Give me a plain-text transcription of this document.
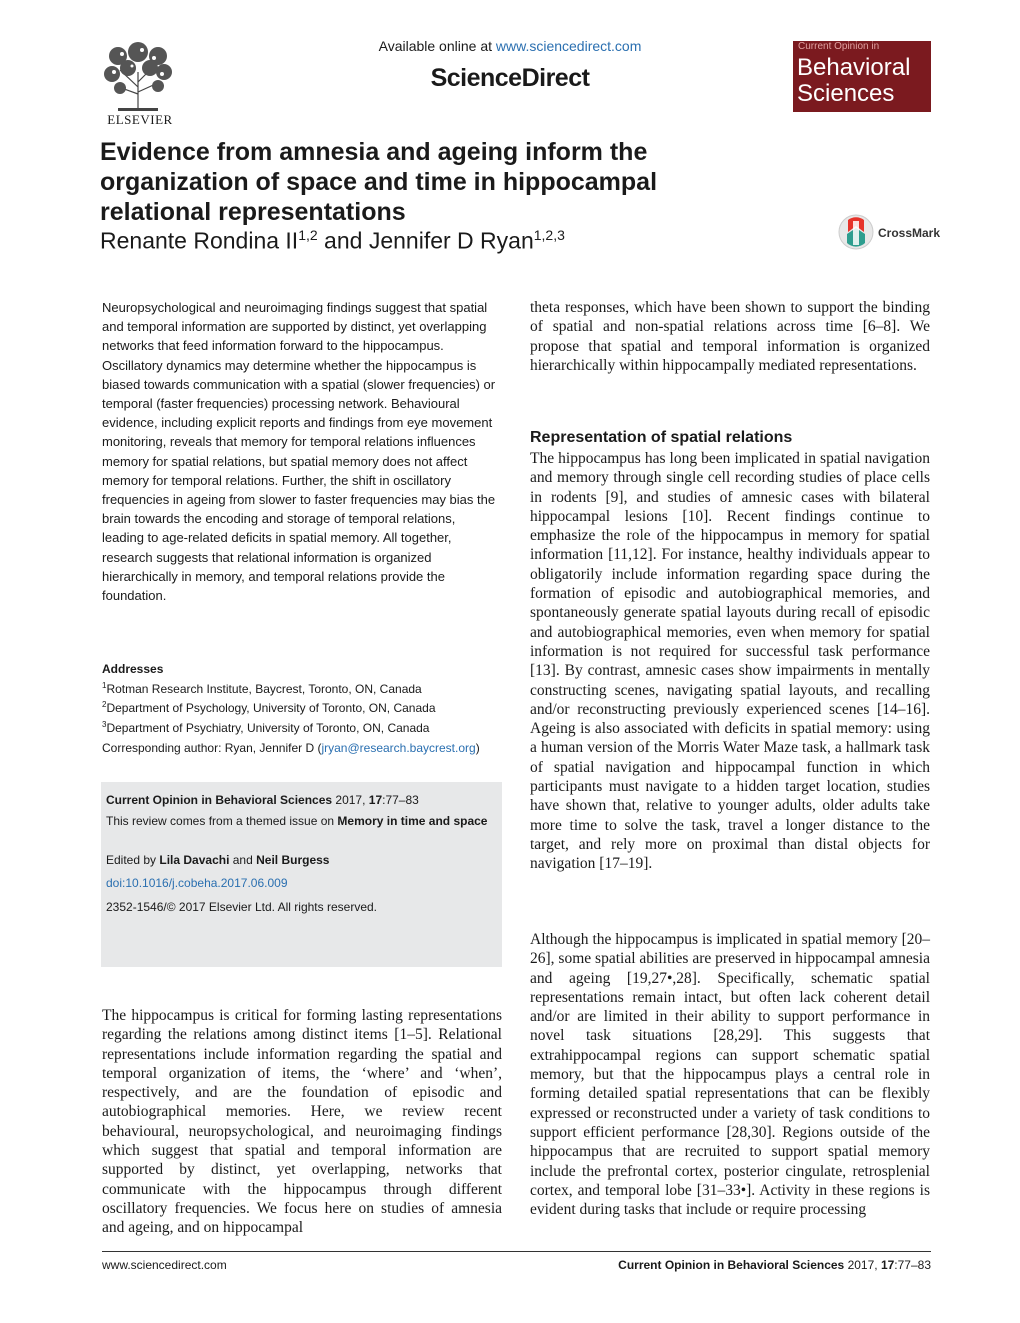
ELSEVIER
Available online at www.sciencedirect.com
ScienceDirect
Current Opinion in
Behavioral
Sciences
Evidence from amnesia and ageing inform the organization of space and time in hippocampal relational representations
Renante Rondina II$^{1,2}$ and Jennifer D Ryan$^{1,2,3}$	CrossMark

Neuropsychological and neuroimaging findings suggest that spatial and temporal information are supported by distinct, yet overlapping networks that feed information forward to the hippocampus. Oscillatory dynamics may determine whether the hippocampus is biased towards communication with a spatial (slower frequencies) or temporal (faster frequencies) processing network. Behavioural evidence, including explicit reports and findings from eye movement monitoring, reveals that memory for temporal relations influences memory for spatial relations, but spatial memory does not affect memory for temporal relations. Further, the shift in oscillatory frequencies in ageing from slower to faster frequencies may bias the brain towards the encoding and storage of temporal relations, leading to age-related deficits in spatial memory. All together, research suggests that relational information is organized hierarchically in memory, and temporal relations provide the foundation.

Addresses
$^1$Rotman Research Institute, Baycrest, Toronto, ON, Canada
$^2$Department of Psychology, University of Toronto, ON, Canada
$^3$Department of Psychiatry, University of Toronto, ON, Canada
Corresponding author: Ryan, Jennifer D (jryan@research.baycrest.org)
Current Opinion in Behavioral Sciences 2017, 17:77–83
This review comes from a themed issue on Memory in time and space
Edited by Lila Davachi and Neil Burgess
doi:10.1016/j.cobeha.2017.06.009
2352-1546/© 2017 Elsevier Ltd. All rights reserved.

The hippocampus is critical for forming lasting representations regarding the relations among distinct items [1–5]. Relational representations include information regarding the spatial and temporal organization of items, the ‘where’ and ‘when’, respectively, and are the foundation of episodic and autobiographical memories. Here, we review recent behavioural, neuropsychological, and neuroimaging findings which suggest that spatial and temporal information are supported by distinct, yet overlapping, networks that communicate with the hippocampus through different oscillatory frequencies. We focus here on studies of amnesia and ageing, and on hippocampal

theta responses, which have been shown to support the binding of spatial and non-spatial relations across time [6–8]. We propose that spatial and temporal information is organized hierarchically within hippocampally mediated representations.

Representation of spatial relations

The hippocampus has long been implicated in spatial navigation and memory through single cell recording studies of place cells in rodents [9], and studies of amnesic cases with bilateral hippocampal lesions [10]. Recent findings continue to emphasize the role of the hippocampus in memory for spatial information [11,12]. For instance, healthy individuals appear to obligatorily include information regarding space during the formation of episodic and autobiographical memories, and spontaneously generate spatial layouts during recall of episodic and autobiographical memories, even when memory for spatial information is not required for successful task performance [13]. By contrast, amnesic cases show impairments in mentally constructing scenes, navigating spatial layouts, and recalling and/or reconstructing previously experienced scenes [14–16]. Ageing is also associated with deficits in spatial memory: using a human version of the Morris Water Maze task, a hallmark task of spatial navigation and hippocampal function in which participants must navigate to a hidden target location, studies have shown that, relative to younger adults, older adults take more time to solve the task, travel a longer distance to the target, and rely more on proximal than distal objects for navigation [17–19].

Although the hippocampus is implicated in spatial memory [20–26], some spatial abilities are preserved in hippocampal amnesia and ageing [19,27•,28]. Specifically, schematic spatial representations remain intact, but often lack coherent detail and/or are limited in their ability to support performance in novel task situations [28,29]. This suggests that extrahippocampal regions can support schematic spatial memory, but that the hippocampus plays a central role in forming detailed spatial representations that can be flexibly expressed or reconstructed under a variety of task conditions to support efficient performance [28,30]. Regions outside of the hippocampus that are recruited to support spatial memory include the prefrontal cortex, posterior cingulate, retrosplenial cortex, and temporal lobe [31–33•]. Activity in these regions is evident during tasks that include or require processing

www.sciencedirect.com	Current Opinion in Behavioral Sciences 2017, 17:77–83
